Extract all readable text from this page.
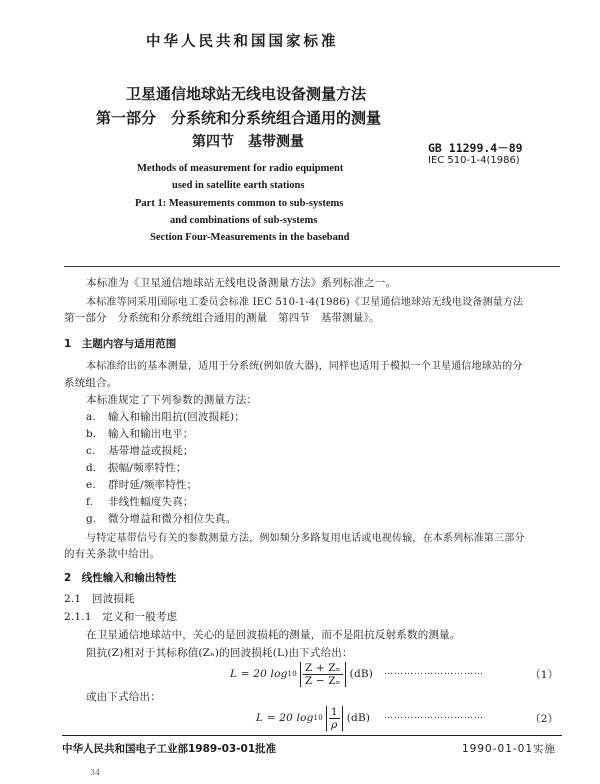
中华人民共和国国家标准
卫星通信地球站无线电设备测量方法
第一部分　分系统和分系统组合通用的测量
第四节　基带测量	GB 11299.4－89
IEC 510-1-4(1986)
Methods of measurement for radio equipment
used in satellite earth stations
Part 1: Measurements common to sub-systems
and combinations of sub-systems
Section Four-Measurements in the baseband
本标准为《卫星通信地球站无线电设备测量方法》系列标准之一。
本标准等同采用国际电工委员会标准 IEC 510-1-4(1986)《卫星通信地球站无线电设备测量方法
第一部分　分系统和分系统组合通用的测量　第四节　基带测量》。
1　主题内容与适用范围
本标准给出的基本测量，适用于分系统(例如放大器)，同样也适用于模拟一个卫星通信地球站的分
系统组合。
本标准规定了下列参数的测量方法：
a. 输入和输出阻抗(回波损耗)；
b. 输入和输出电平；
c. 基带增益或损耗；
d. 振幅/频率特性；
e. 群时延/频率特性；
f. 非线性幅度失真；
g. 微分增益和微分相位失真。
与特定基带信号有关的参数测量方法，例如频分多路复用电话或电视传输，在本系列标准第三部分
的有关条款中给出。
2　线性输入和输出特性
2.1　回波损耗
2.1.1　定义和一般考虑
在卫星通信地球站中，关心的是回波损耗的测量，而不是阻抗反射系数的测量。
阻抗(Z)相对于其标称值(Zₙ)的回波损耗(L)由下式给出：
L = 20 $\log 10 \frac{\text{Z + Zₙ}}{\text{Z − Zₙ}} (dB)$ …………………………	（1）
或由下式给出：
L = 20 $\log 10 \frac{1}{\rho} (dB)$ …………………………	（2）
中华人民共和国电子工业部1989-03-01批准	1990-01-01实施
34
